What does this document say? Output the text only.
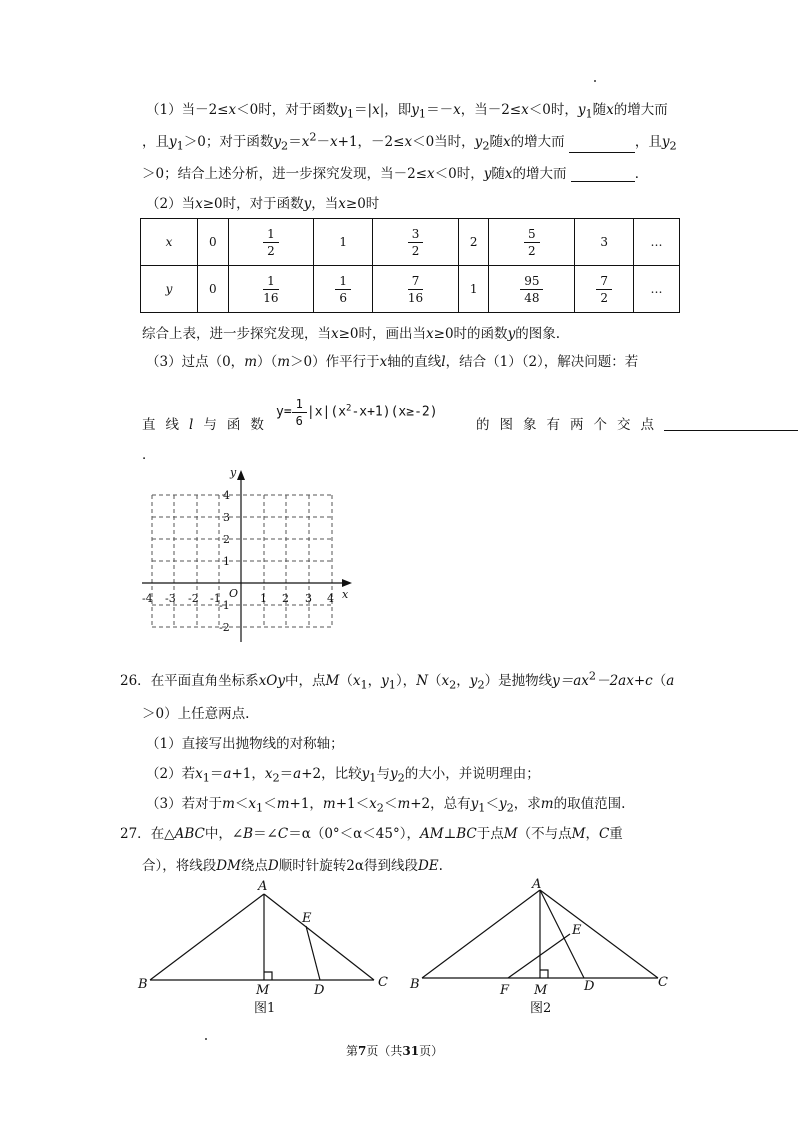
（1）当－2≤x＜0时，对于函数$y_1=|x|$，即$y_1=-x$，当－2≤x＜0时，$y_1$随x的增大而
，且$y_1>0$；对于函数$y_2=x^2-x+1$，－2≤x＜0当时，$y_2$随x的增大而	，且$y_2$
＞0；结合上述分析，进一步探究发现，当－2≤x＜0时，y随x的增大而	．
（2）当x≥0时，对于函数y，当x≥0时
x	0	$\frac{1}{2}$	1	$\frac{3}{2}$	2	$\frac{5}{2}$	3	…
y	0	$\frac{1}{16}$	$\frac{1}{6}$	$\frac{7}{16}$	1	$\frac{95}{48}$	$\frac{7}{2}$	…
综合上表，进一步探究发现，当x≥0时，画出当x≥0时的函数y的图象.
（3）过点（0，m）（m＞0）作平行于x轴的直线l，结合（1）（2），解决问题：若
直线l 与函数
$y= \frac{1}{6} |x|(x^2-x+1)(x\ge-2)$
的图象有两个交点
．
x
y
O
-4 -3 -2 -1	1 2 3 4
4
3
2
1
-1
-2
26．在平面直角坐标系xOy中，点$M(x_1$，$y_1$），$N(x_2$，$y_2$）是抛物线$y=ax^2-2ax+c(a$
＞0）上任意两点.
（1）直接写出抛物线的对称轴；
（2）若$x_1=a+1$，$x_2=a+2$，比较$y_1$与$y_2$的大小，并说明理由；
（3）若对于$m<x_1<m+1$，$m+1<x_2<m+2$，总有$y_1<y_2$，求m的取值范围.
27．在△ABC中，∠B＝∠C＝α（0°＜α＜45°），AM⊥BC于点M（不与点M，C重
合），将线段DM绕点D顺时针旋转2α得到线段DE.
A
B	C
M	D
E
图1
A
B	C
M	D
E
F
图2
第7页（共31页）
